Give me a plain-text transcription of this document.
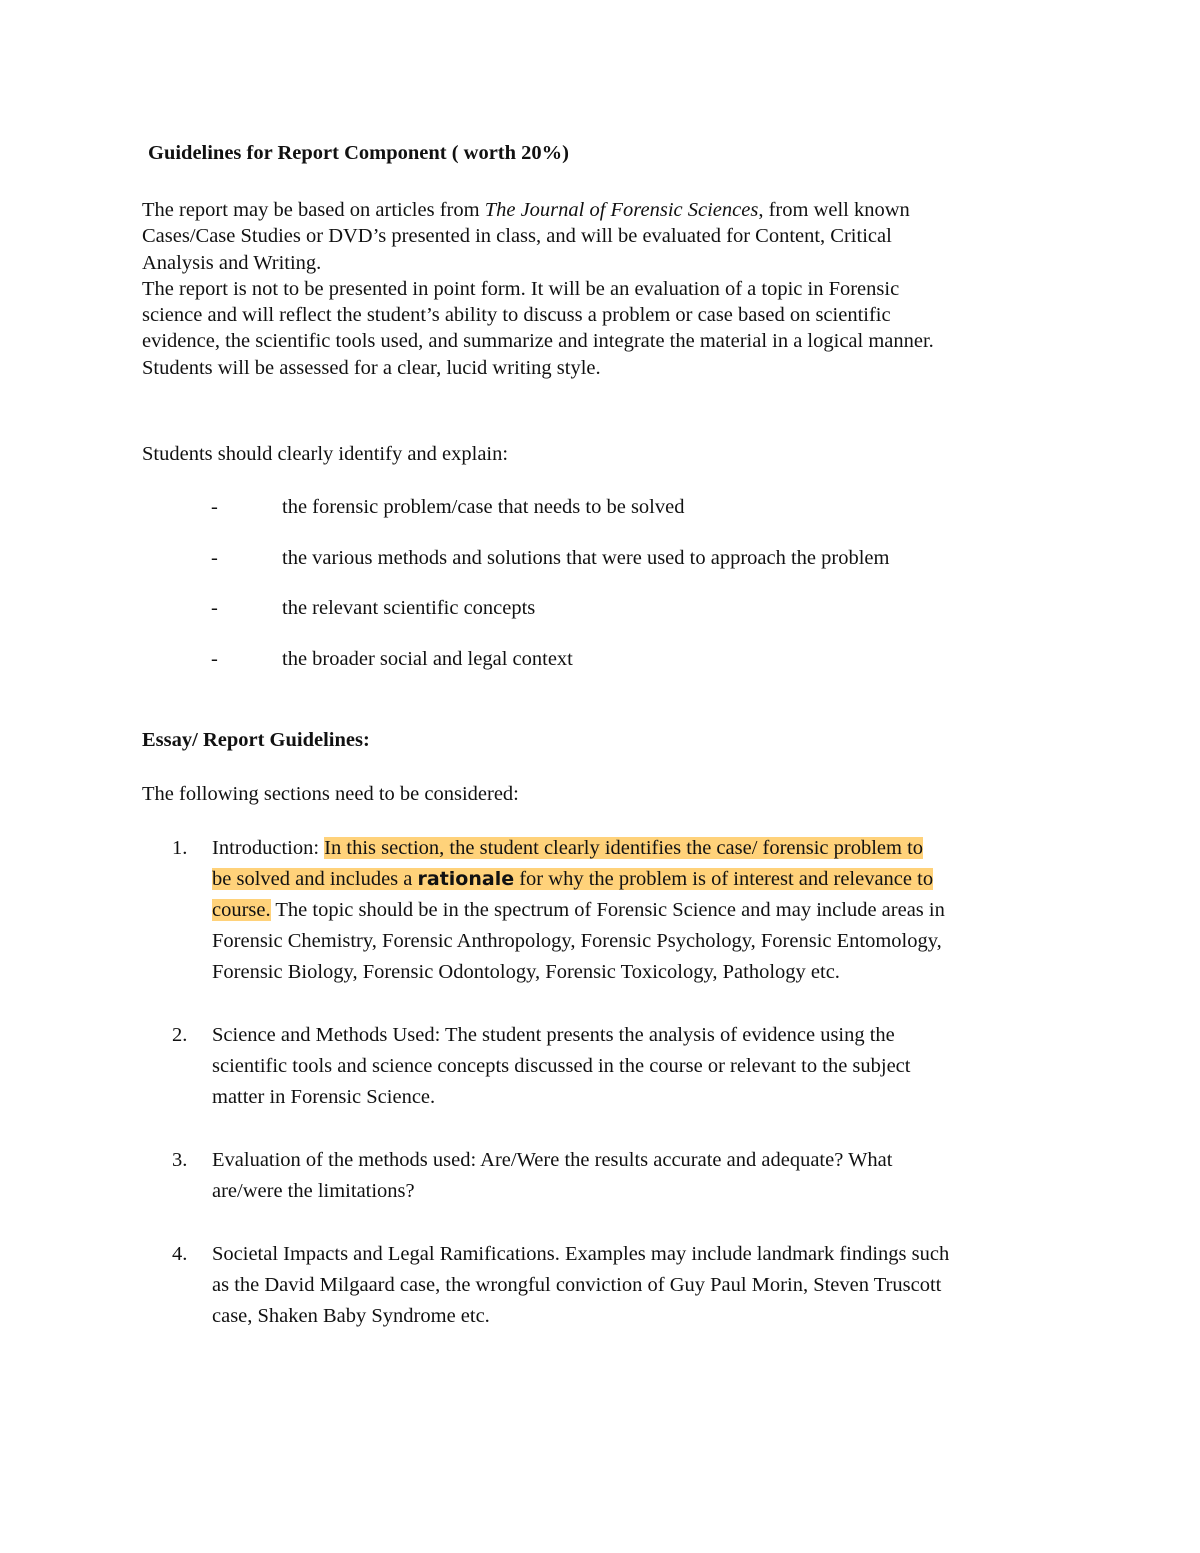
Guidelines for Report Component ( worth 20%)
The report may be based on articles from The Journal of Forensic Sciences, from well known
Cases/Case Studies or DVD’s presented in class, and will be evaluated for Content, Critical
Analysis and Writing.
The report is not to be presented in point form. It will be an evaluation of a topic in Forensic
science and will reflect the student’s ability to discuss a problem or case based on scientific
evidence, the scientific tools used, and summarize and integrate the material in a logical manner.
Students will be assessed for a clear, lucid writing style.
Students should clearly identify and explain:
-	the forensic problem/case that needs to be solved
-	the various methods and solutions that were used to approach the problem
-	the relevant scientific concepts
-	the broader social and legal context
Essay/ Report Guidelines:
The following sections need to be considered:
1. Introduction: In this section, the student clearly identifies the case/ forensic problem to
be solved and includes a rationale for why the problem is of interest and relevance to
course. The topic should be in the spectrum of Forensic Science and may include areas in
Forensic Chemistry, Forensic Anthropology, Forensic Psychology, Forensic Entomology,
Forensic Biology, Forensic Odontology, Forensic Toxicology, Pathology etc.
2. Science and Methods Used: The student presents the analysis of evidence using the
scientific tools and science concepts discussed in the course or relevant to the subject
matter in Forensic Science.
3. Evaluation of the methods used: Are/Were the results accurate and adequate? What
are/were the limitations?
4. Societal Impacts and Legal Ramifications. Examples may include landmark findings such
as the David Milgaard case, the wrongful conviction of Guy Paul Morin, Steven Truscott
case, Shaken Baby Syndrome etc.
